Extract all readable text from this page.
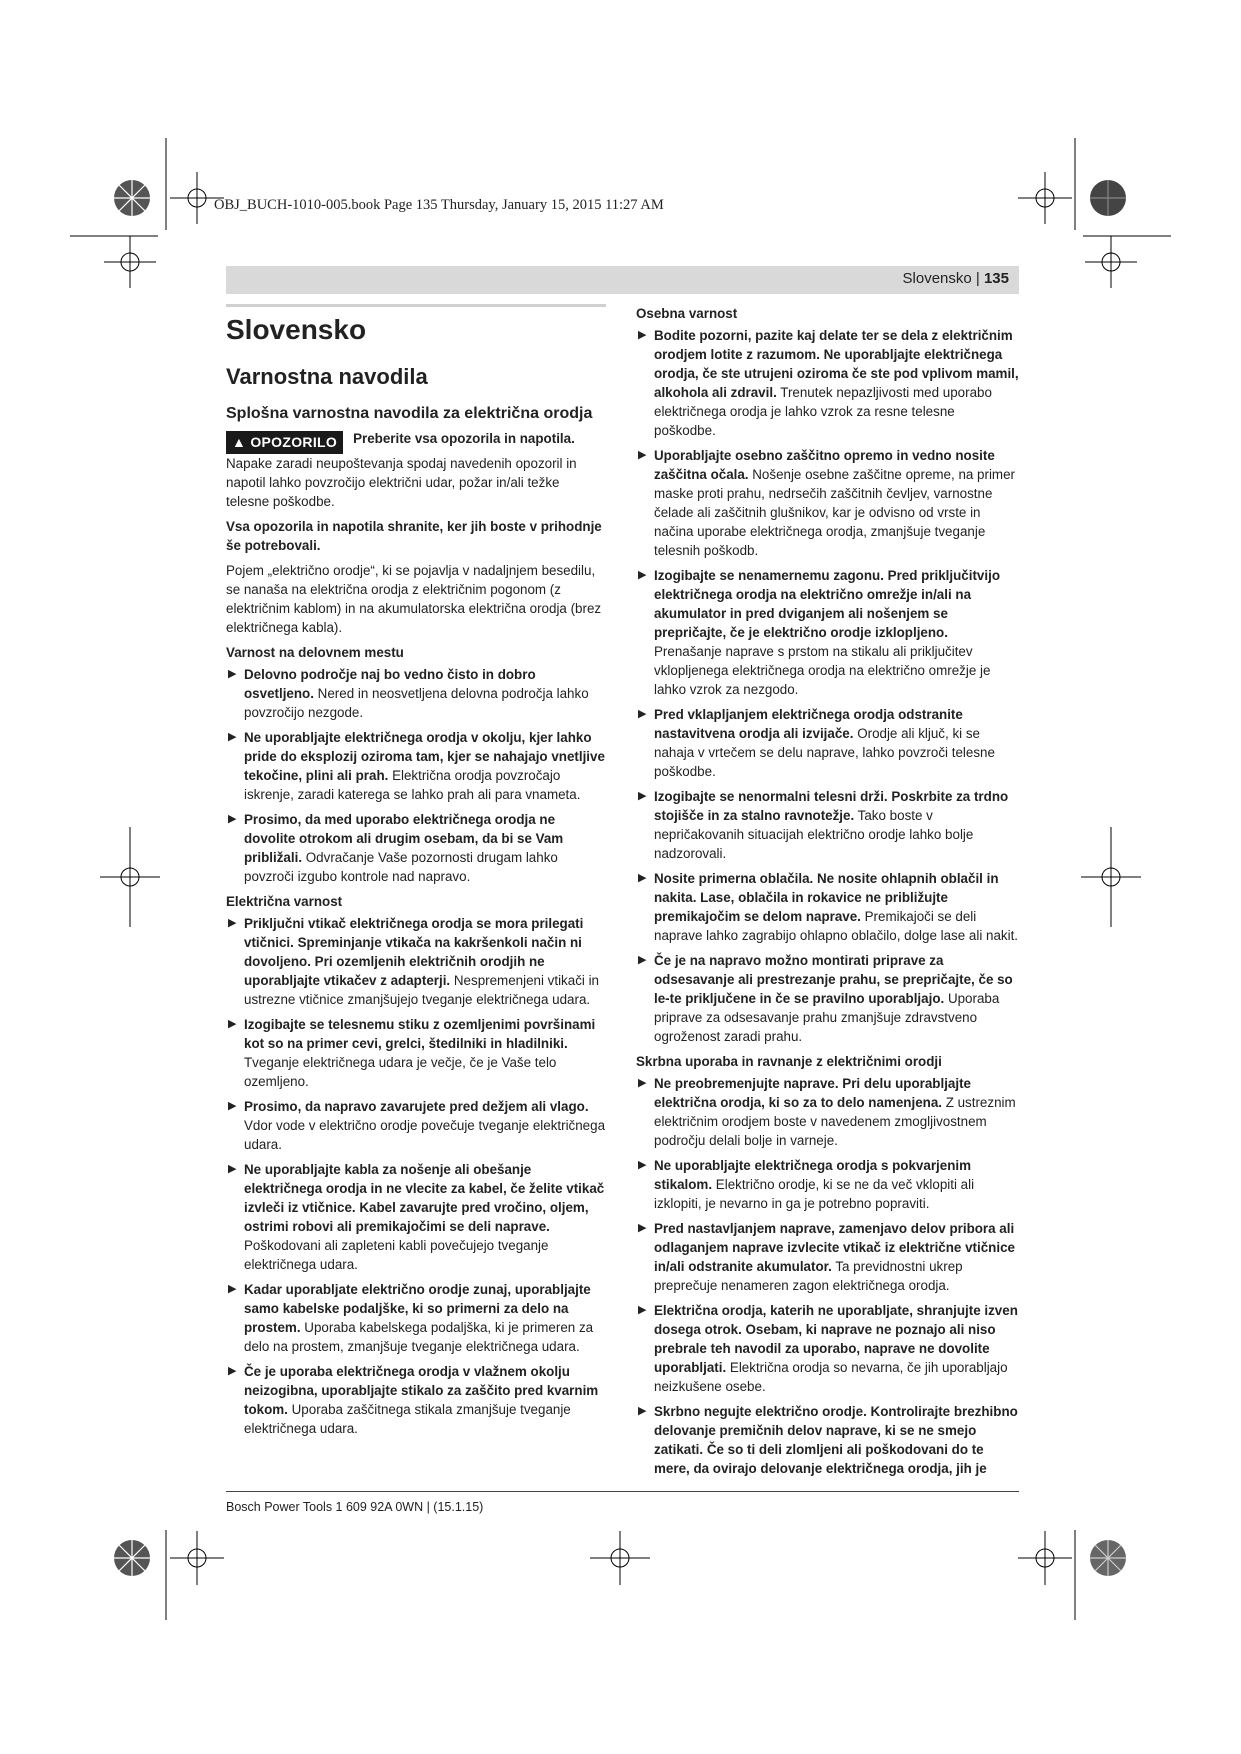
OBJ_BUCH-1010-005.book Page 135 Thursday, January 15, 2015 11:27 AM
Slovensko | 135
Slovensko
Varnostna navodila
Splošna varnostna navodila za električna orodja
▲ OPOZORILO	Preberite vsa opozorila in napotila.

Napake zaradi neupoštevanja spodaj navedenih opozoril in napotil lahko povzročijo električni udar, požar in/ali težke telesne poškodbe.

Vsa opozorila in napotila shranite, ker jih boste v prihodnje še potrebovali.

Pojem „električno orodje“, ki se pojavlja v nadaljnjem besedilu, se nanaša na električna orodja z električnim pogonom (z električnim kablom) in na akumulatorska električna orodja (brez električnega kabla).

Varnost na delovnem mestu

▶ Delovno področje naj bo vedno čisto in dobro osvetljeno. Nered in neosvetljena delovna področja lahko povzročijo nezgode.
▶ Ne uporabljajte električnega orodja v okolju, kjer lahko pride do eksplozij oziroma tam, kjer se nahajajo vnetljive tekočine, plini ali prah. Električna orodja povzročajo iskrenje, zaradi katerega se lahko prah ali para vnameta.
▶ Prosimo, da med uporabo električnega orodja ne dovolite otrokom ali drugim osebam, da bi se Vam približali. Odvračanje Vaše pozornosti drugam lahko povzroči izgubo kontrole nad napravo.

Električna varnost

▶ Priključni vtikač električnega orodja se mora prilegati vtičnici. Spreminjanje vtikača na kakršenkoli način ni dovoljeno. Pri ozemljenih električnih orodjih ne uporabljajte vtikačev z adapterji. Nespremenjeni vtikači in ustrezne vtičnice zmanjšujejo tveganje električnega udara.
▶ Izogibajte se telesnemu stiku z ozemljenimi površinami kot so na primer cevi, grelci, štedilniki in hladilniki. Tveganje električnega udara je večje, če je Vaše telo ozemljeno.
▶ Prosimo, da napravo zavarujete pred dežjem ali vlago. Vdor vode v električno orodje povečuje tveganje električnega udara.
▶ Ne uporabljajte kabla za nošenje ali obešanje električnega orodja in ne vlecite za kabel, če želite vtikač izvleči iz vtičnice. Kabel zavarujte pred vročino, oljem, ostrimi robovi ali premikajočimi se deli naprave. Poškodovani ali zapleteni kabli povečujejo tveganje električnega udara.
▶ Kadar uporabljate električno orodje zunaj, uporabljajte samo kabelske podaljške, ki so primerni za delo na prostem. Uporaba kabelskega podaljška, ki je primeren za delo na prostem, zmanjšuje tveganje električnega udara.
▶ Če je uporaba električnega orodja v vlažnem okolju neizogibna, uporabljajte stikalo za zaščito pred kvarnim tokom. Uporaba zaščitnega stikala zmanjšuje tveganje električnega udara.

Osebna varnost

▶ Bodite pozorni, pazite kaj delate ter se dela z električnim orodjem lotite z razumom. Ne uporabljajte električnega orodja, če ste utrujeni oziroma če ste pod vplivom mamil, alkohola ali zdravil. Trenutek nepazljivosti med uporabo električnega orodja je lahko vzrok za resne telesne poškodbe.
▶ Uporabljajte osebno zaščitno opremo in vedno nosite zaščitna očala. Nošenje osebne zaščitne opreme, na primer maske proti prahu, nedrsečih zaščitnih čevljev, varnostne čelade ali zaščitnih glušnikov, kar je odvisno od vrste in načina uporabe električnega orodja, zmanjšuje tveganje telesnih poškodb.
▶ Izogibajte se nenamernemu zagonu. Pred priključitvijo električnega orodja na električno omrežje in/ali na akumulator in pred dviganjem ali nošenjem se prepričajte, če je električno orodje izklopljeno. Prenašanje naprave s prstom na stikalu ali priključitev vklopljenega električnega orodja na električno omrežje je lahko vzrok za nezgodo.
▶ Pred vklapljanjem električnega orodja odstranite nastavitvena orodja ali izvijače. Orodje ali ključ, ki se nahaja v vrtečem se delu naprave, lahko povzroči telesne poškodbe.
▶ Izogibajte se nenormalni telesni drži. Poskrbite za trdno stojišče in za stalno ravnotežje. Tako boste v nepričakovanih situacijah električno orodje lahko bolje nadzorovali.
▶ Nosite primerna oblačila. Ne nosite ohlapnih oblačil in nakita. Lase, oblačila in rokavice ne približujte premikajočim se delom naprave. Premikajoči se deli naprave lahko zagrabijo ohlapno oblačilo, dolge lase ali nakit.
▶ Če je na napravo možno montirati priprave za odsesavanje ali prestrezanje prahu, se prepričajte, če so le-te priključene in če se pravilno uporabljajo. Uporaba priprave za odsesavanje prahu zmanjšuje zdravstveno ogroženost zaradi prahu.

Skrbna uporaba in ravnanje z električnimi orodji

▶ Ne preobremenjujte naprave. Pri delu uporabljajte električna orodja, ki so za to delo namenjena. Z ustreznim električnim orodjem boste v navedenem zmogljivostnem področju delali bolje in varneje.
▶ Ne uporabljajte električnega orodja s pokvarjenim stikalom. Električno orodje, ki se ne da več vklopiti ali izklopiti, je nevarno in ga je potrebno popraviti.
▶ Pred nastavljanjem naprave, zamenjavo delov pribora ali odlaganjem naprave izvlecite vtikač iz električne vtičnice in/ali odstranite akumulator. Ta previdnostni ukrep preprečuje nenameren zagon električnega orodja.
▶ Električna orodja, katerih ne uporabljate, shranjujte izven dosega otrok. Osebam, ki naprave ne poznajo ali niso prebrale teh navodil za uporabo, naprave ne dovolite uporabljati. Električna orodja so nevarna, če jih uporabljajo neizkušene osebe.
▶ Skrbno negujte električno orodje. Kontrolirajte brezhibno delovanje premičnih delov naprave, ki se ne smejo zatikati. Če so ti deli zlomljeni ali poškodovani do te mere, da ovirajo delovanje električnega orodja, jih je
Bosch Power Tools 1 609 92A 0WN | (15.1.15)
